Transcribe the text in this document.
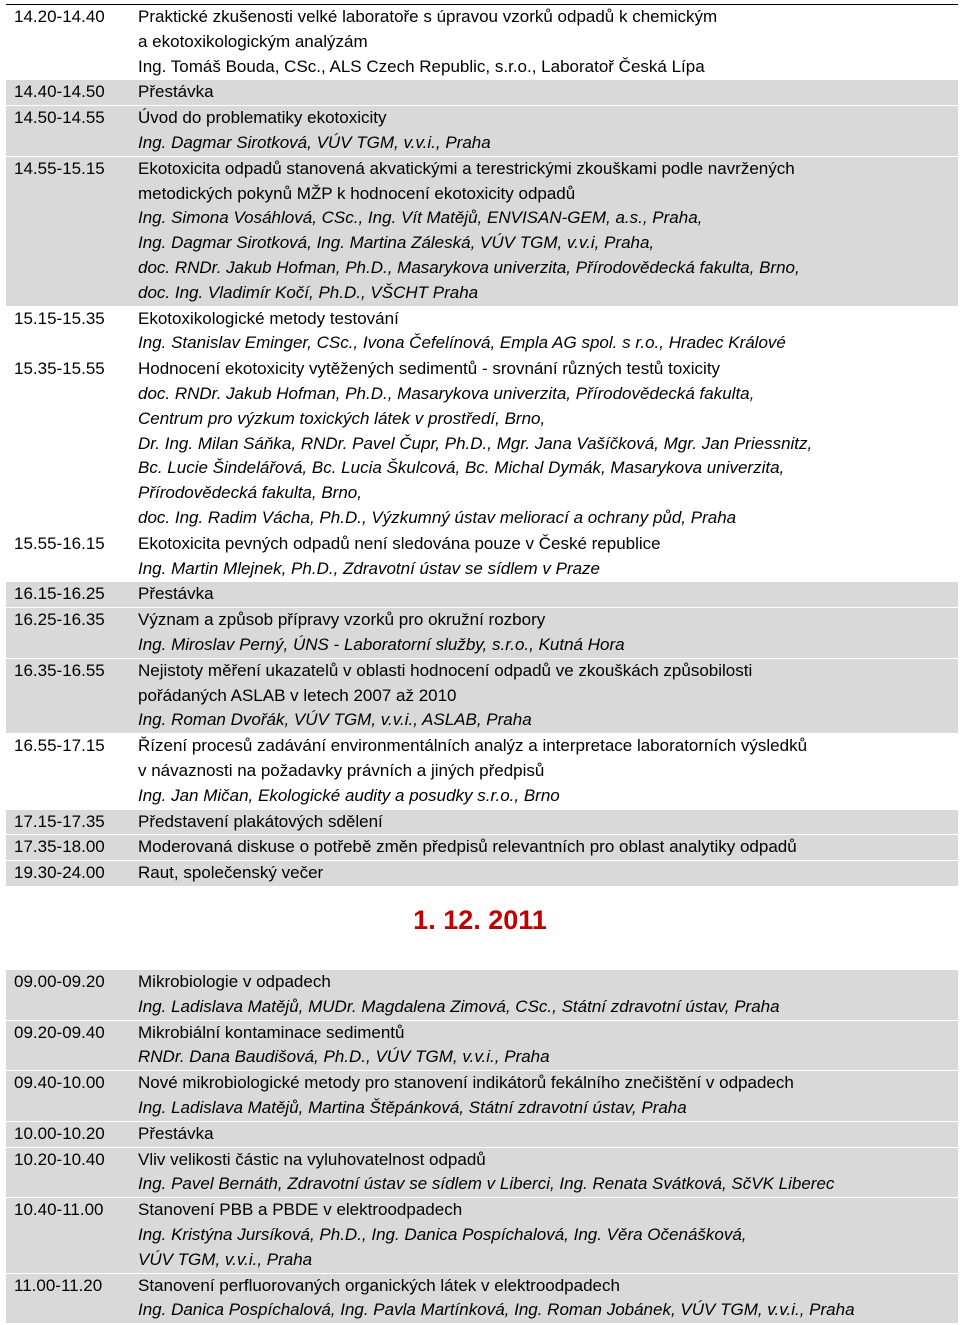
14.20-14.40 Praktické zkušenosti velké laboratoře s úpravou vzorků odpadů k chemickým
a ekotoxikologickým analýzám
Ing. Tomáš Bouda, CSc., ALS Czech Republic, s.r.o., Laboratoř Česká Lípa
14.40-14.50 Přestávka
14.50-14.55 Úvod do problematiky ekotoxicity
Ing. Dagmar Sirotková, VÚV TGM, v.v.i., Praha
14.55-15.15 Ekotoxicita odpadů stanovená akvatickými a terestrickými zkouškami podle navržených
metodických pokynů MŽP k hodnocení ekotoxicity odpadů
Ing. Simona Vosáhlová, CSc., Ing. Vít Matějů, ENVISAN-GEM, a.s., Praha,
Ing. Dagmar Sirotková, Ing. Martina Záleská, VÚV TGM, v.v.i, Praha,
doc. RNDr. Jakub Hofman, Ph.D., Masarykova univerzita, Přírodovědecká fakulta, Brno,
doc. Ing. Vladimír Kočí, Ph.D., VŠCHT Praha
15.15-15.35 Ekotoxikologické metody testování
Ing. Stanislav Eminger, CSc., Ivona Čefelínová, Empla AG spol. s r.o., Hradec Králové
15.35-15.55 Hodnocení ekotoxicity vytěžených sedimentů - srovnání různých testů toxicity
doc. RNDr. Jakub Hofman, Ph.D., Masarykova univerzita, Přírodovědecká fakulta,
Centrum pro výzkum toxických látek v prostředí, Brno,
Dr. Ing. Milan Sáňka, RNDr. Pavel Čupr, Ph.D., Mgr. Jana Vašíčková, Mgr. Jan Priessnitz,
Bc. Lucie Šindelářová, Bc. Lucia Škulcová, Bc. Michal Dymák, Masarykova univerzita,
Přírodovědecká fakulta, Brno,
doc. Ing. Radim Vácha, Ph.D., Výzkumný ústav meliorací a ochrany půd, Praha
15.55-16.15 Ekotoxicita pevných odpadů není sledována pouze v České republice
Ing. Martin Mlejnek, Ph.D., Zdravotní ústav se sídlem v Praze
16.15-16.25 Přestávka
16.25-16.35 Význam a způsob přípravy vzorků pro okružní rozbory
Ing. Miroslav Perný, ÚNS - Laboratorní služby, s.r.o., Kutná Hora
16.35-16.55 Nejistoty měření ukazatelů v oblasti hodnocení odpadů ve zkouškách způsobilosti
pořádaných ASLAB v letech 2007 až 2010
Ing. Roman Dvořák, VÚV TGM, v.v.i., ASLAB, Praha
16.55-17.15 Řízení procesů zadávání environmentálních analýz a interpretace laboratorních výsledků
v návaznosti na požadavky právních a jiných předpisů
Ing. Jan Mičan, Ekologické audity a posudky s.r.o., Brno
17.15-17.35 Představení plakátových sdělení
17.35-18.00 Moderovaná diskuse o potřebě změn předpisů relevantních pro oblast analytiky odpadů
19.30-24.00 Raut, společenský večer
1. 12. 2011
09.00-09.20 Mikrobiologie v odpadech
Ing. Ladislava Matějů, MUDr. Magdalena Zimová, CSc., Státní zdravotní ústav, Praha
09.20-09.40 Mikrobiální kontaminace sedimentů
RNDr. Dana Baudišová, Ph.D., VÚV TGM, v.v.i., Praha
09.40-10.00 Nové mikrobiologické metody pro stanovení indikátorů fekálního znečištění v odpadech
Ing. Ladislava Matějů, Martina Štěpánková, Státní zdravotní ústav, Praha
10.00-10.20 Přestávka
10.20-10.40 Vliv velikosti částic na vyluhovatelnost odpadů
Ing. Pavel Bernáth, Zdravotní ústav se sídlem v Liberci, Ing. Renata Svátková, SčVK Liberec
10.40-11.00 Stanovení PBB a PBDE v elektroodpadech
Ing. Kristýna Jursíková, Ph.D., Ing. Danica Pospíchalová, Ing. Věra Očenášková,
VÚV TGM, v.v.i., Praha
11.00-11.20 Stanovení perfluorovaných organických látek v elektroodpadech
Ing. Danica Pospíchalová, Ing. Pavla Martínková, Ing. Roman Jobánek, VÚV TGM, v.v.i., Praha
